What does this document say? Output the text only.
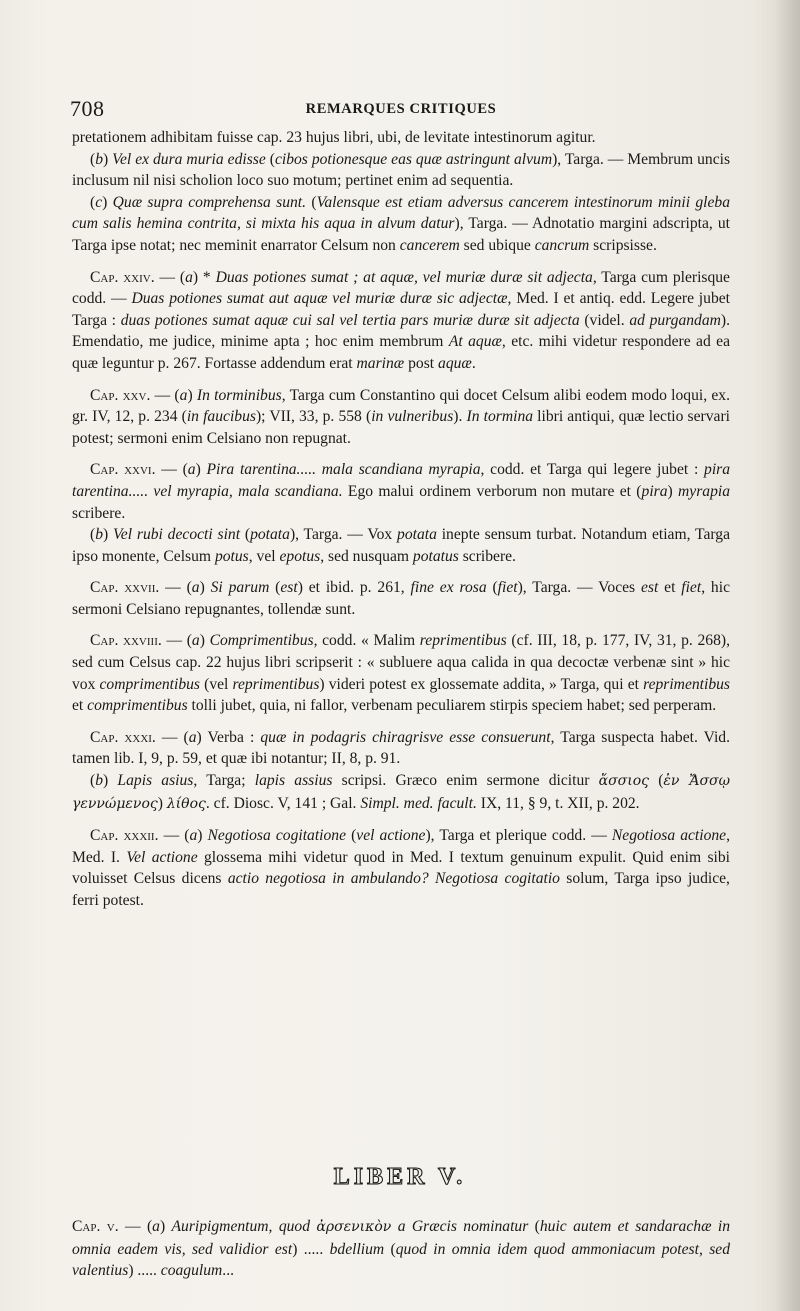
708	REMARQUES CRITIQUES

pretationem adhibitam fuisse cap. 23 hujus libri, ubi, de levitate intestinorum agitur.

(b) Vel ex dura muria edisse (cibos potionesque eas quæ astringunt alvum), Targa. — Membrum uncis inclusum nil nisi scholion loco suo motum; pertinet enim ad sequentia.

(c) Quæ supra comprehensa sunt. (Valensque est etiam adversus cancerem intestinorum minii gleba cum salis hemina contrita, si mixta his aqua in alvum datur), Targa. — Adnotatio margini adscripta, ut Targa ipse notat; nec meminit enarrator Celsum non cancerem sed ubique cancrum scripsisse.

Cap. xxiv. — (a) * Duas potiones sumat ; at aquæ, vel muriæ duræ sit adjecta, Targa cum plerisque codd. — Duas potiones sumat aut aquæ vel muriæ duræ sic adjectæ, Med. I et antiq. edd. Legere jubet Targa : duas potiones sumat aquæ cui sal vel tertia pars muriæ duræ sit adjecta (videl. ad purgandam). Emendatio, me judice, minime apta ; hoc enim membrum At aquæ, etc. mihi videtur respondere ad ea quæ leguntur p. 267. Fortasse addendum erat marinæ post aquæ.

Cap. xxv. — (a) In torminibus, Targa cum Constantino qui docet Celsum alibi eodem modo loqui, ex. gr. IV, 12, p. 234 (in faucibus); VII, 33, p. 558 (in vulneribus). In tormina libri antiqui, quæ lectio servari potest; sermoni enim Celsiano non repugnat.

Cap. xxvi. — (a) Pira tarentina..... mala scandiana myrapia, codd. et Targa qui legere jubet : pira tarentina..... vel myrapia, mala scandiana. Ego malui ordinem verborum non mutare et (pira) myrapia scribere.

(b) Vel rubi decocti sint (potata), Targa. — Vox potata inepte sensum turbat. Notandum etiam, Targa ipso monente, Celsum potus, vel epotus, sed nusquam potatus scribere.

Cap. xxvii. — (a) Si parum (est) et ibid. p. 261, fine ex rosa (fiet), Targa. — Voces est et fiet, hic sermoni Celsiano repugnantes, tollendæ sunt.

Cap. xxviii. — (a) Comprimentibus, codd. « Malim reprimentibus (cf. III, 18, p. 177, IV, 31, p. 268), sed cum Celsus cap. 22 hujus libri scripserit : « subluere aqua calida in qua decoctæ verbenæ sint » hic vox comprimentibus (vel reprimentibus) videri potest ex glossemate addita, » Targa, qui et reprimentibus et comprimentibus tolli jubet, quia, ni fallor, verbenam peculiarem stirpis speciem habet; sed perperam.

Cap. xxxi. — (a) Verba : quæ in podagris chiragrisve esse consuerunt, Targa suspecta habet. Vid. tamen lib. I, 9, p. 59, et quæ ibi notantur; II, 8, p. 91.

(b) Lapis asius, Targa; lapis assius scripsi. Græco enim sermone dicitur ἄσσιος (ἐν Ἄσσῳ γεννώμενος) λίθος. cf. Diosc. V, 141 ; Gal. Simpl. med. facult. IX, 11, § 9, t. XII, p. 202.

Cap. xxxii. — (a) Negotiosa cogitatione (vel actione), Targa et plerique codd. — Negotiosa actione, Med. I. Vel actione glossema mihi videtur quod in Med. I textum genuinum expulit. Quid enim sibi voluisset Celsus dicens actio negotiosa in ambulando? Negotiosa cogitatio solum, Targa ipso judice, ferri potest.

LIBER V.

Cap. v. — (a) Auripigmentum, quod ἀρσενικὸν a Græcis nominatur (huic autem et sandarachæ in omnia eadem vis, sed validior est) ..... bdellium (quod in omnia idem quod ammoniacum potest, sed valentius) ..... coagulum...
